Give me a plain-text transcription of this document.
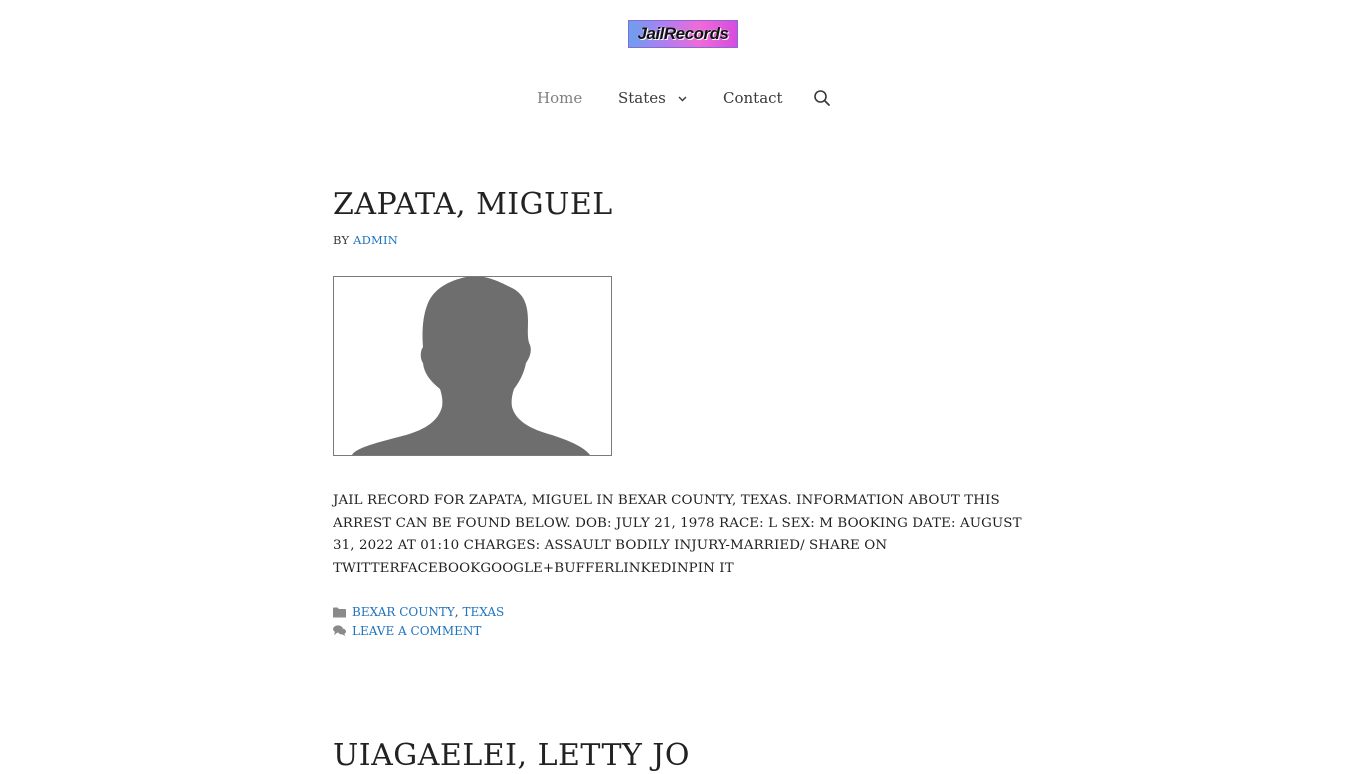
JailRecords
Home States	Contact
ZAPATA, MIGUEL
BY ADMIN
JAIL RECORD FOR ZAPATA, MIGUEL IN BEXAR COUNTY, TEXAS. INFORMATION ABOUT THIS ARREST CAN BE FOUND BELOW. DOB: JULY 21, 1978 RACE: L SEX: M BOOKING DATE: AUGUST 31, 2022 AT 01:10 CHARGES: ASSAULT BODILY INJURY-MARRIED/ SHARE ON TWITTERFACEBOOKGOOGLE+BUFFERLINKEDINPIN IT
BEXAR COUNTY ,
TEXAS
LEAVE A COMMENT
UIAGAELEI, LETTY JO
